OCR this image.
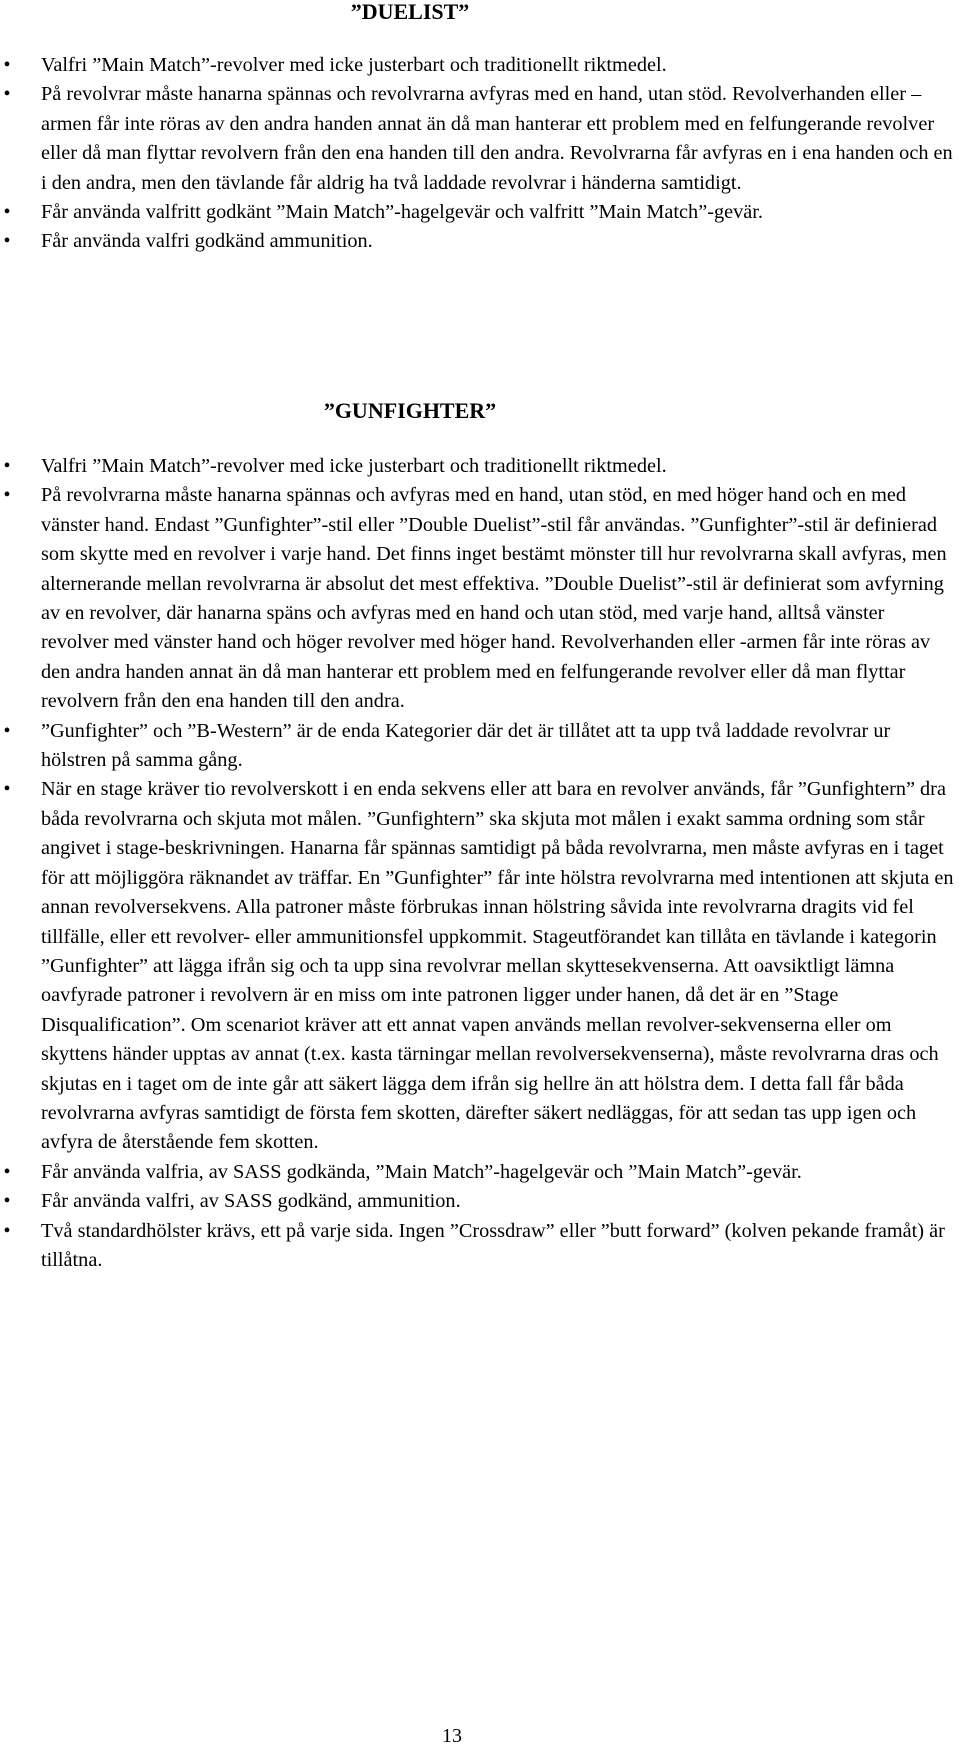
”DUELIST”
• Valfri ”Main Match”-revolver med icke justerbart och traditionellt riktmedel.
• På revolvrar måste hanarna spännas och revolvrarna avfyras med en hand, utan stöd. Revolverhanden eller –armen får inte röras av den andra handen annat än då man hanterar ett problem med en felfungerande revolver eller då man flyttar revolvern från den ena handen till den andra. Revolvrarna får avfyras en i ena handen och en i den andra, men den tävlande får aldrig ha två laddade revolvrar i händerna samtidigt.
• Får använda valfritt godkänt ”Main Match”-hagelgevär och valfritt ”Main Match”-gevär.
• Får använda valfri godkänd ammunition.
”GUNFIGHTER”
• Valfri ”Main Match”-revolver med icke justerbart och traditionellt riktmedel.
• På revolvrarna måste hanarna spännas och avfyras med en hand, utan stöd, en med höger hand och en med vänster hand. Endast ”Gunfighter”-stil eller ”Double Duelist”-stil får användas. ”Gunfighter”-stil är definierad som skytte med en revolver i varje hand. Det finns inget bestämt mönster till hur revolvrarna skall avfyras, men alternerande mellan revolvrarna är absolut det mest effektiva. ”Double Duelist”-stil är definierat som avfyrning av en revolver, där hanarna späns och avfyras med en hand och utan stöd, med varje hand, alltså vänster revolver med vänster hand och höger revolver med höger hand. Revolverhanden eller -armen får inte röras av den andra handen annat än då man hanterar ett problem med en felfungerande revolver eller då man flyttar revolvern från den ena handen till den andra.
• ”Gunfighter” och ”B-Western” är de enda Kategorier där det är tillåtet att ta upp två laddade revolvrar ur hölstren på samma gång.
• När en stage kräver tio revolverskott i en enda sekvens eller att bara en revolver används, får ”Gunfightern” dra båda revolvrarna och skjuta mot målen. ”Gunfightern” ska skjuta mot målen i exakt samma ordning som står angivet i stage-beskrivningen. Hanarna får spännas samtidigt på båda revolvrarna, men måste avfyras en i taget för att möjliggöra räknandet av träffar. En ”Gunfighter” får inte hölstra revolvrarna med intentionen att skjuta en annan revolversekvens. Alla patroner måste förbrukas innan hölstring såvida inte revolvrarna dragits vid fel tillfälle, eller ett revolver- eller ammunitionsfel uppkommit. Stageutförandet kan tillåta en tävlande i kategorin ”Gunfighter” att lägga ifrån sig och ta upp sina revolvrar mellan skyttesekvenserna. Att oavsiktligt lämna oavfyrade patroner i revolvern är en miss om inte patronen ligger under hanen, då det är en ”Stage Disqualification”. Om scenariot kräver att ett annat vapen används mellan revolver-sekvenserna eller om skyttens händer upptas av annat (t.ex. kasta tärningar mellan revolversekvenserna), måste revolvrarna dras och skjutas en i taget om de inte går att säkert lägga dem ifrån sig hellre än att hölstra dem. I detta fall får båda revolvrarna avfyras samtidigt de första fem skotten, därefter säkert nedläggas, för att sedan tas upp igen och avfyra de återstående fem skotten.
• Får använda valfria, av SASS godkända, ”Main Match”-hagelgevär och ”Main Match”-gevär.
• Får använda valfri, av SASS godkänd, ammunition.
• Två standardhölster krävs, ett på varje sida. Ingen ”Crossdraw” eller ”butt forward” (kolven pekande framåt) är tillåtna.
13
